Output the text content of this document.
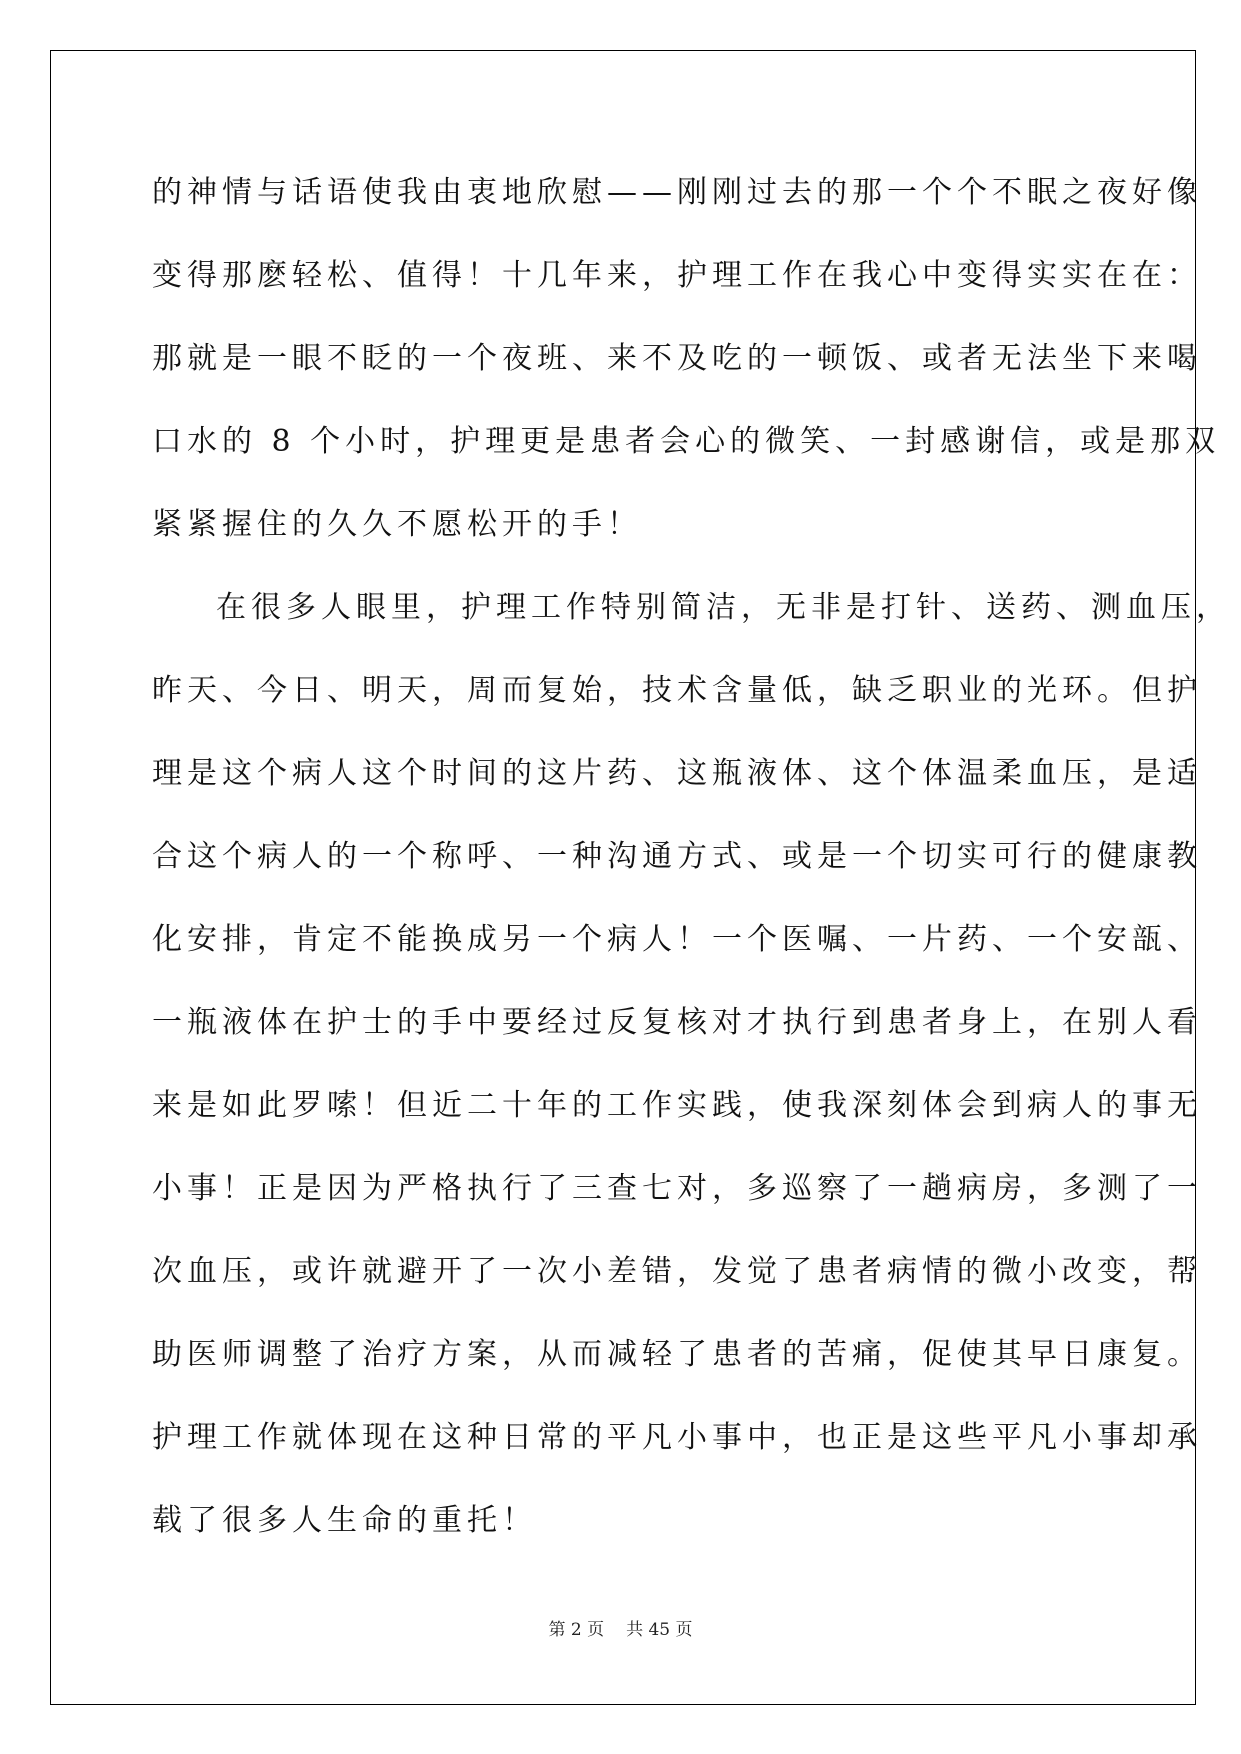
的神情与话语使我由衷地欣慰——刚刚过去的那一个个不眠之夜好像
变得那麽轻松、值得！十几年来，护理工作在我心中变得实实在在：
那就是一眼不眨的一个夜班、来不及吃的一顿饭、或者无法坐下来喝
口水的 8 个小时，护理更是患者会心的微笑、一封感谢信，或是那双
紧紧握住的久久不愿松开的手！
在很多人眼里，护理工作特别简洁，无非是打针、送药、测血压，
昨天、今日、明天，周而复始，技术含量低，缺乏职业的光环。但护
理是这个病人这个时间的这片药、这瓶液体、这个体温柔血压，是适
合这个病人的一个称呼、一种沟通方式、或是一个切实可行的健康教
化安排，肯定不能换成另一个病人！一个医嘱、一片药、一个安瓿、
一瓶液体在护士的手中要经过反复核对才执行到患者身上，在别人看
来是如此罗嗦！但近二十年的工作实践，使我深刻体会到病人的事无
小事！正是因为严格执行了三查七对，多巡察了一趟病房，多测了一
次血压，或许就避开了一次小差错，发觉了患者病情的微小改变，帮
助医师调整了治疗方案，从而减轻了患者的苦痛，促使其早日康复。
护理工作就体现在这种日常的平凡小事中，也正是这些平凡小事却承
载了很多人生命的重托！
第 2 页 共 45 页
